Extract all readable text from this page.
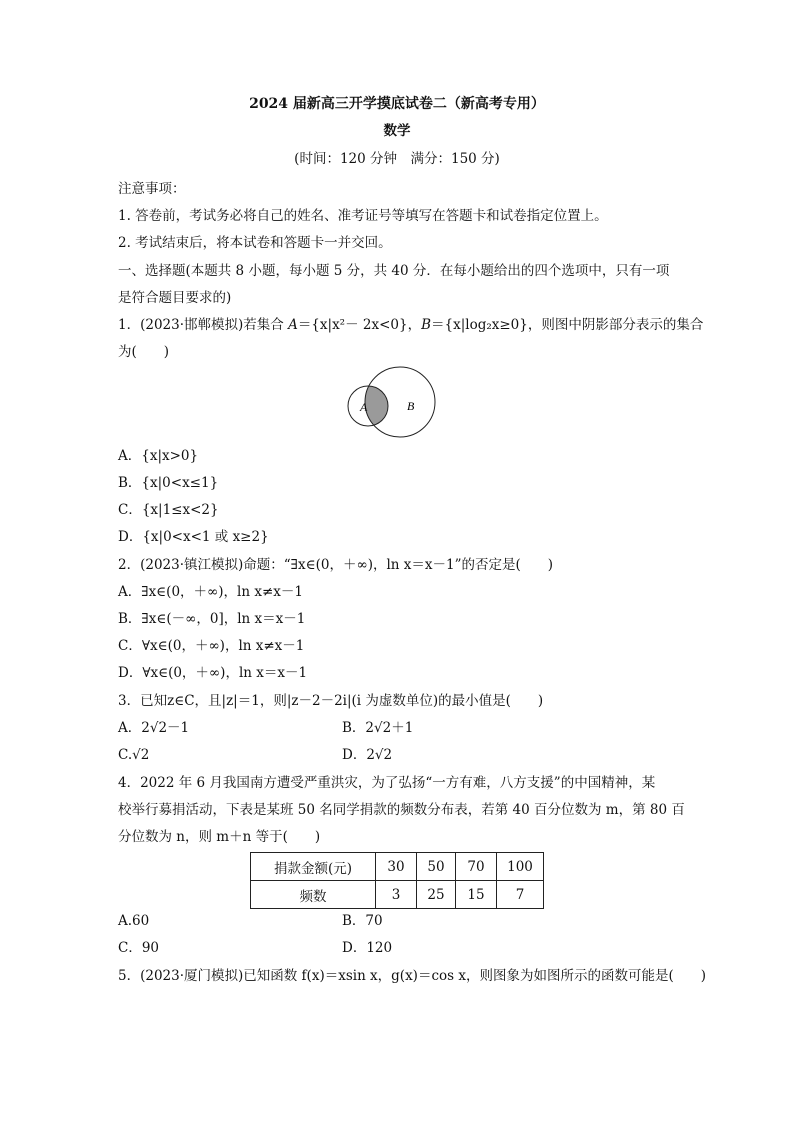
2024 届新高三开学摸底试卷二（新高考专用）
数学
(时间：120 分钟　满分：150 分)
注意事项：
1. 答卷前，考试务必将自己的姓名、准考证号等填写在答题卡和试卷指定位置上。
2. 考试结束后，将本试卷和答题卡一并交回。
一、选择题(本题共 8 小题，每小题 5 分，共 40 分．在每小题给出的四个选项中，只有一项
是符合题目要求的)
1．(2023·邯郸模拟)若集合 A＝{x|x²－ 2x<0}，B＝{x|log₂x≥0}，则图中阴影部分表示的集合
为(　　)
A	B
A．{x|x>0}
B．{x|0<x≤1}
C．{x|1≤x<2}
D．{x|0<x<1 或 x≥2}
2．(2023·镇江模拟)命题：“∃x∈(0，＋∞)，ln x＝x－1”的否定是(　　)
A．∃x∈(0，＋∞)，ln x≠x－1
B．∃x∈(－∞，0]，ln x＝x－1
C．∀x∈(0，＋∞)，ln x≠x－1
D．∀x∈(0，＋∞)，ln x＝x－1
3．已知z∈C，且|z|＝1，则|z－2－2i|(i 为虚数单位)的最小值是(　　)
A．2√2－1	B．2√2＋1
C.√2	D．2√2
4．2022 年 6 月我国南方遭受严重洪灾，为了弘扬“一方有难，八方支援”的中国精神，某
校举行募捐活动，下表是某班 50 名同学捐款的频数分布表，若第 40 百分位数为 m，第 80 百
分位数为 n，则 m＋n 等于(　　)
捐款金额(元)	30	50	70	100
频数	3	25	15	7
A.60	B．70
C．90	D．120
5．(2023·厦门模拟)已知函数 f(x)＝xsin x，g(x)＝cos x，则图象为如图所示的函数可能是(　　)
